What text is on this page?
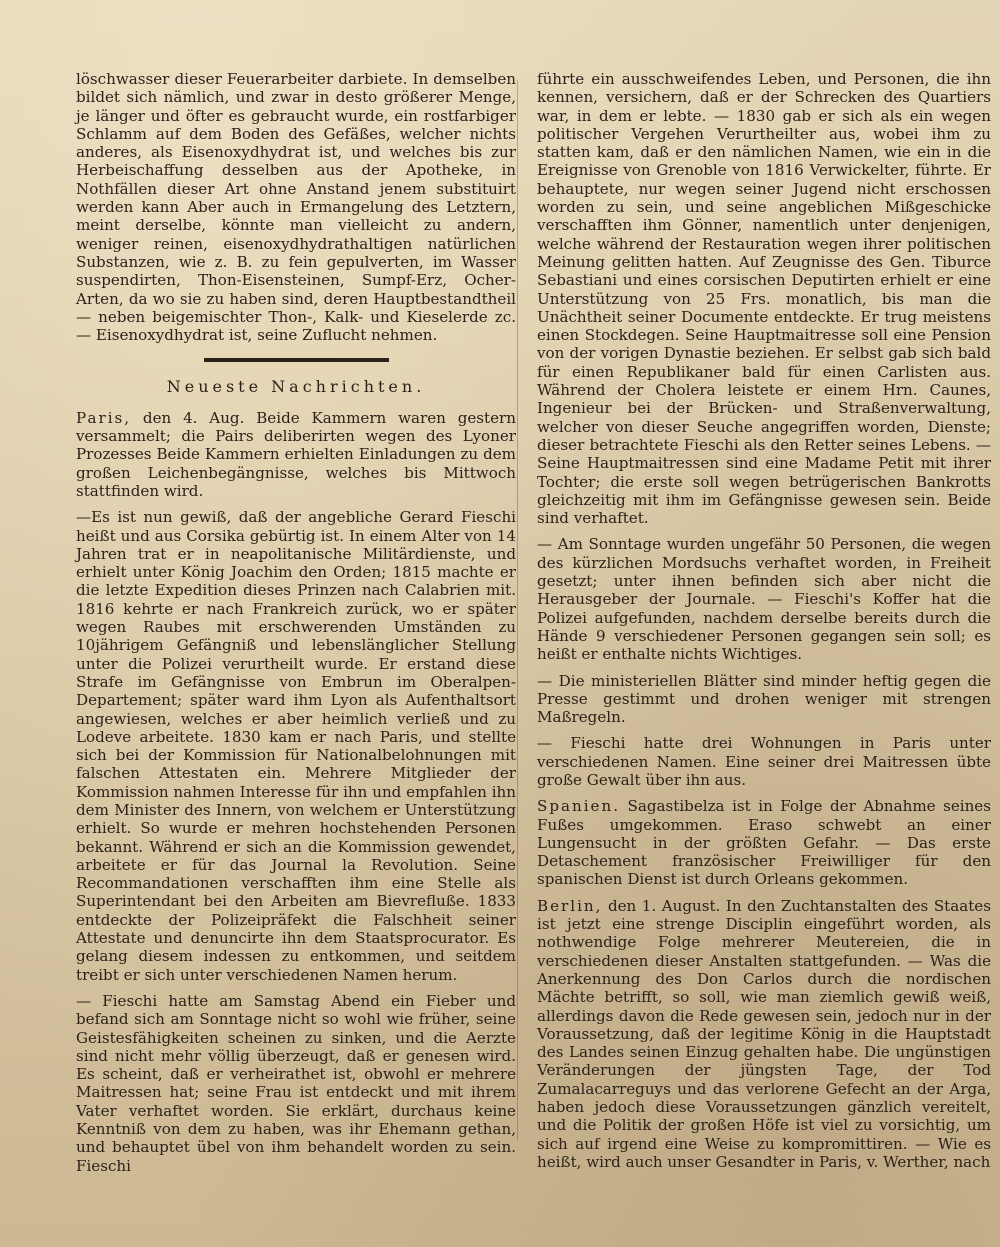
löschwasser dieser Feuerarbeiter darbiete. In demselben bildet sich nämlich, und zwar in desto größerer Menge, je länger und öfter es gebraucht wurde, ein rostfarbiger Schlamm auf dem Boden des Gefäßes, welcher nichts anderes, als Eisenoxydhydrat ist, und welches bis zur Herbeischaffung desselben aus der Apotheke, in Nothfällen dieser Art ohne Anstand jenem substituirt werden kann Aber auch in Ermangelung des Letztern, meint derselbe, könnte man vielleicht zu andern, weniger reinen, eisenoxydhydrathaltigen natürlichen Substanzen, wie z. B. zu fein gepulverten, im Wasser suspendirten, Thon-Eisensteinen, Sumpf-Erz, Ocher-Arten, da wo sie zu haben sind, deren Hauptbestandtheil — neben beigemischter Thon-, Kalk- und Kieselerde zc. — Eisenoxydhydrat ist, seine Zuflucht nehmen.

Neueste Nachrichten.

Paris, den 4. Aug. Beide Kammern waren gestern versammelt; die Pairs deliberirten wegen des Lyoner Prozesses Beide Kammern erhielten Einladungen zu dem großen Leichenbegängnisse, welches bis Mittwoch stattfinden wird.

—Es ist nun gewiß, daß der angebliche Gerard Fieschi heißt und aus Corsika gebürtig ist. In einem Alter von 14 Jahren trat er in neapolitanische Militärdienste, und erhielt unter König Joachim den Orden; 1815 machte er die letzte Expedition dieses Prinzen nach Calabrien mit. 1816 kehrte er nach Frankreich zurück, wo er später wegen Raubes mit erschwerenden Umständen zu 10jährigem Gefängniß und lebenslänglicher Stellung unter die Polizei verurtheilt wurde. Er erstand diese Strafe im Gefängnisse von Embrun im Oberalpen-Departement; später ward ihm Lyon als Aufenthaltsort angewiesen, welches er aber heimlich verließ und zu Lodeve arbeitete. 1830 kam er nach Paris, und stellte sich bei der Kommission für Nationalbelohnungen mit falschen Attestaten ein. Mehrere Mitglieder der Kommission nahmen Interesse für ihn und empfahlen ihn dem Minister des Innern, von welchem er Unterstützung erhielt. So wurde er mehren hochstehenden Personen bekannt. Während er sich an die Kommission gewendet, arbeitete er für das Journal la Revolution. Seine Recommandationen verschafften ihm eine Stelle als Superintendant bei den Arbeiten am Bievrefluße. 1833 entdeckte der Polizeipräfekt die Falschheit seiner Attestate und denuncirte ihn dem Staatsprocurator. Es gelang diesem indessen zu entkommen, und seitdem treibt er sich unter verschiedenen Namen herum.

— Fieschi hatte am Samstag Abend ein Fieber und befand sich am Sonntage nicht so wohl wie früher, seine Geistesfähigkeiten scheinen zu sinken, und die Aerzte sind nicht mehr völlig überzeugt, daß er genesen wird. Es scheint, daß er verheirathet ist, obwohl er mehrere Maitressen hat; seine Frau ist entdeckt und mit ihrem Vater verhaftet worden. Sie erklärt, durchaus keine Kenntniß von dem zu haben, was ihr Ehemann gethan, und behauptet übel von ihm behandelt worden zu sein. Fieschi

führte ein ausschweifendes Leben, und Personen, die ihn kennen, versichern, daß er der Schrecken des Quartiers war, in dem er lebte. — 1830 gab er sich als ein wegen politischer Vergehen Verurtheilter aus, wobei ihm zu statten kam, daß er den nämlichen Namen, wie ein in die Ereignisse von Grenoble von 1816 Verwickelter, führte. Er behauptete, nur wegen seiner Jugend nicht erschossen worden zu sein, und seine angeblichen Mißgeschicke verschafften ihm Gönner, namentlich unter denjenigen, welche während der Restauration wegen ihrer politischen Meinung gelitten hatten. Auf Zeugnisse des Gen. Tiburce Sebastiani und eines corsischen Deputirten erhielt er eine Unterstützung von 25 Frs. monatlich, bis man die Unächtheit seiner Documente entdeckte. Er trug meistens einen Stockdegen. Seine Hauptmaitresse soll eine Pension von der vorigen Dynastie beziehen. Er selbst gab sich bald für einen Republikaner bald für einen Carlisten aus. Während der Cholera leistete er einem Hrn. Caunes, Ingenieur bei der Brücken- und Straßenverwaltung, welcher von dieser Seuche angegriffen worden, Dienste; dieser betrachtete Fieschi als den Retter seines Lebens. — Seine Hauptmaitressen sind eine Madame Petit mit ihrer Tochter; die erste soll wegen betrügerischen Bankrotts gleichzeitig mit ihm im Gefängnisse gewesen sein. Beide sind verhaftet.

— Am Sonntage wurden ungefähr 50 Personen, die wegen des kürzlichen Mordsuchs verhaftet worden, in Freiheit gesetzt; unter ihnen befinden sich aber nicht die Herausgeber der Journale. — Fieschi's Koffer hat die Polizei aufgefunden, nachdem derselbe bereits durch die Hände 9 verschiedener Personen gegangen sein soll; es heißt er enthalte nichts Wichtiges.

— Die ministeriellen Blätter sind minder heftig gegen die Presse gestimmt und drohen weniger mit strengen Maßregeln.

— Fieschi hatte drei Wohnungen in Paris unter verschiedenen Namen. Eine seiner drei Maitressen übte große Gewalt über ihn aus.

Spanien. Sagastibelza ist in Folge der Abnahme seines Fußes umgekommen. Eraso schwebt an einer Lungensucht in der größten Gefahr. — Das erste Detaschement französischer Freiwilliger für den spanischen Dienst ist durch Orleans gekommen.

Berlin, den 1. August. In den Zuchtanstalten des Staates ist jetzt eine strenge Disciplin eingeführt worden, als nothwendige Folge mehrerer Meutereien, die in verschiedenen dieser Anstalten stattgefunden. — Was die Anerkennung des Don Carlos durch die nordischen Mächte betrifft, so soll, wie man ziemlich gewiß weiß, allerdings davon die Rede gewesen sein, jedoch nur in der Voraussetzung, daß der legitime König in die Hauptstadt des Landes seinen Einzug gehalten habe. Die ungünstigen Veränderungen der jüngsten Tage, der Tod Zumalacarreguys und das verlorene Gefecht an der Arga, haben jedoch diese Voraussetzungen gänzlich vereitelt, und die Politik der großen Höfe ist viel zu vorsichtig, um sich auf irgend eine Weise zu kompromittiren. — Wie es heißt, wird auch unser Gesandter in Paris, v. Werther, nach
